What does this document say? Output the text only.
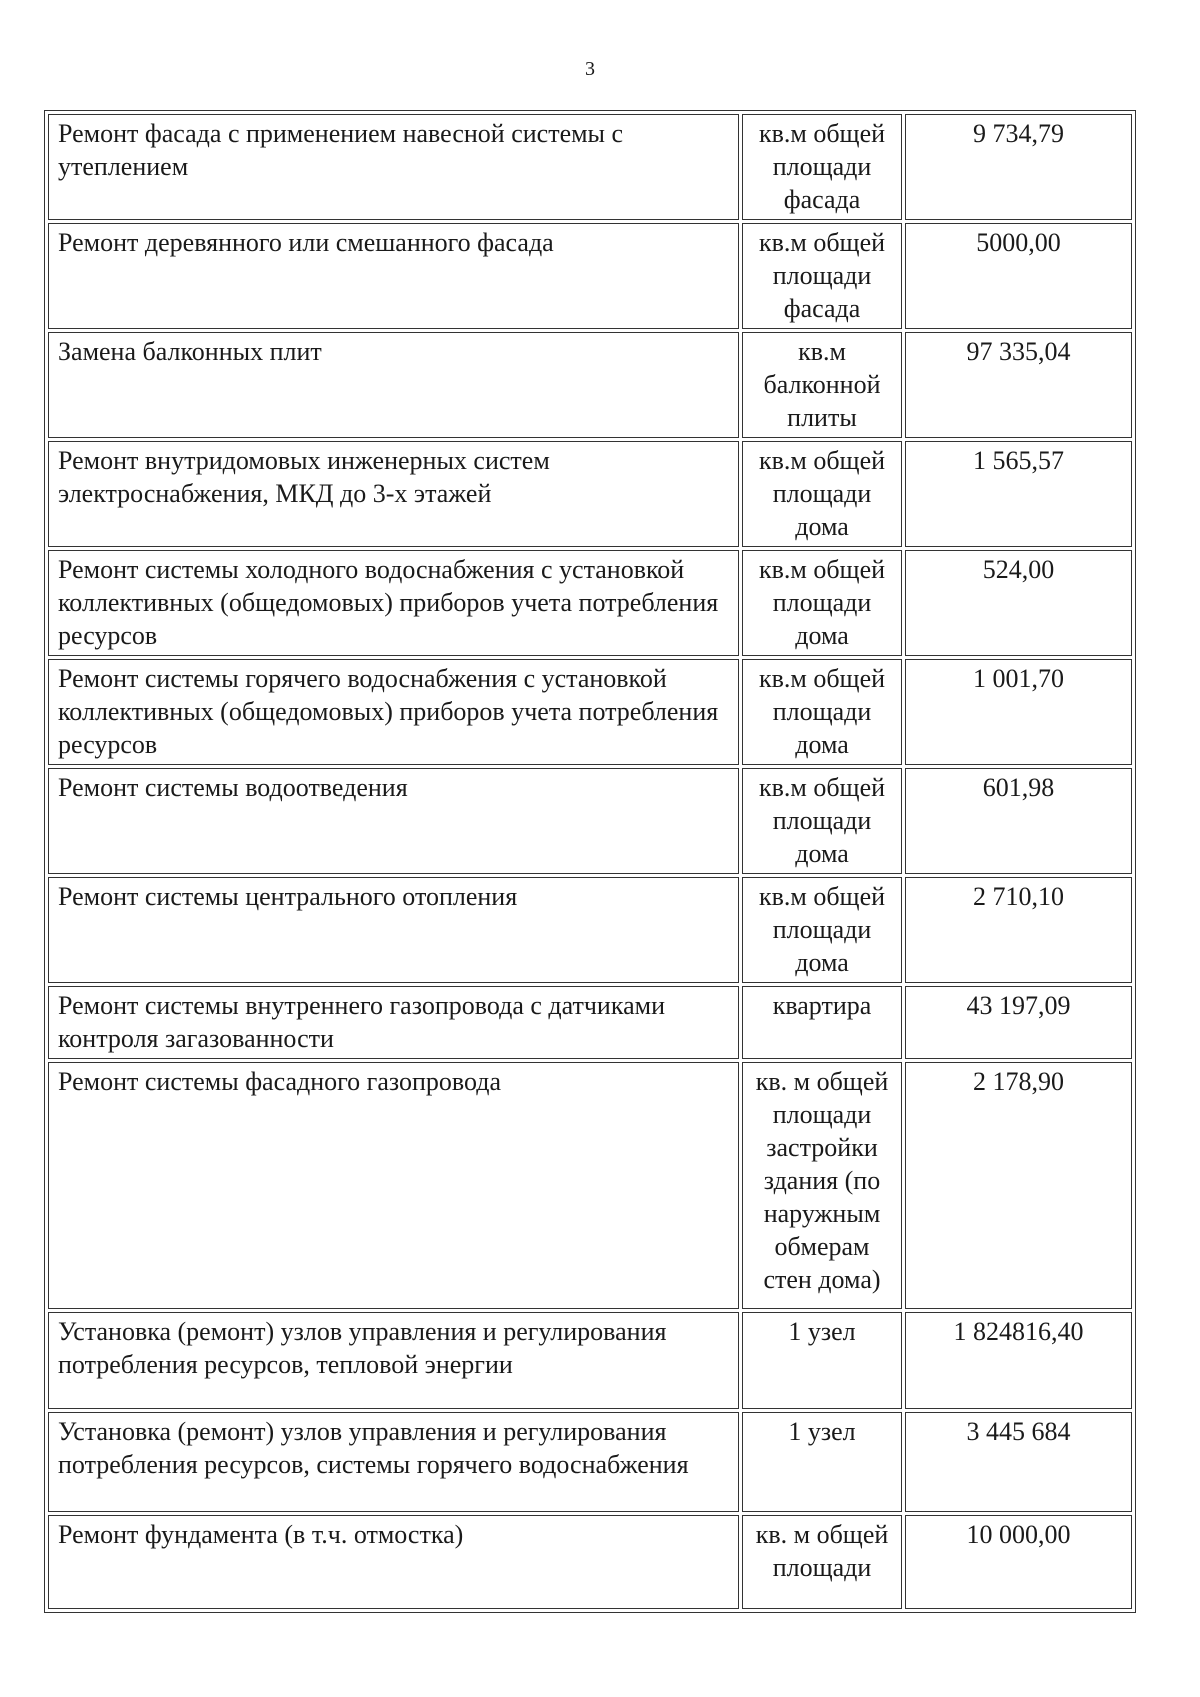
3
Ремонт фасада с применением навесной системы с утеплением	кв.м общей площади фасада	9 734,79

Ремонт деревянного или смешанного фасада	кв.м общей площади фасада	5000,00

Замена балконных плит	кв.м балконной плиты	97 335,04

Ремонт внутридомовых инженерных систем электроснабжения, МКД до 3-х этажей	кв.м общей площади дома	1 565,57

Ремонт системы холодного водоснабжения с установкой коллективных (общедомовых) приборов учета потребления ресурсов	кв.м общей площади дома	524,00

Ремонт системы горячего водоснабжения с установкой коллективных (общедомовых) приборов учета потребления ресурсов	кв.м общей площади дома	1 001,70

Ремонт системы водоотведения	кв.м общей площади дома	601,98

Ремонт системы центрального отопления	кв.м общей площади дома	2 710,10

Ремонт системы внутреннего газопровода с датчиками контроля загазованности	квартира	43 197,09

Ремонт системы фасадного газопровода	кв. м общей площади застройки здания (по наружным обмерам стен дома)	2 178,90

Установка (ремонт) узлов управления и регулирования потребления ресурсов, тепловой энергии	1 узел	1 824816,40

Установка (ремонт) узлов управления и регулирования потребления ресурсов, системы горячего водоснабжения	1 узел	3 445 684

Ремонт фундамента (в т.ч. отмостка)	кв. м общей площади	10 000,00
